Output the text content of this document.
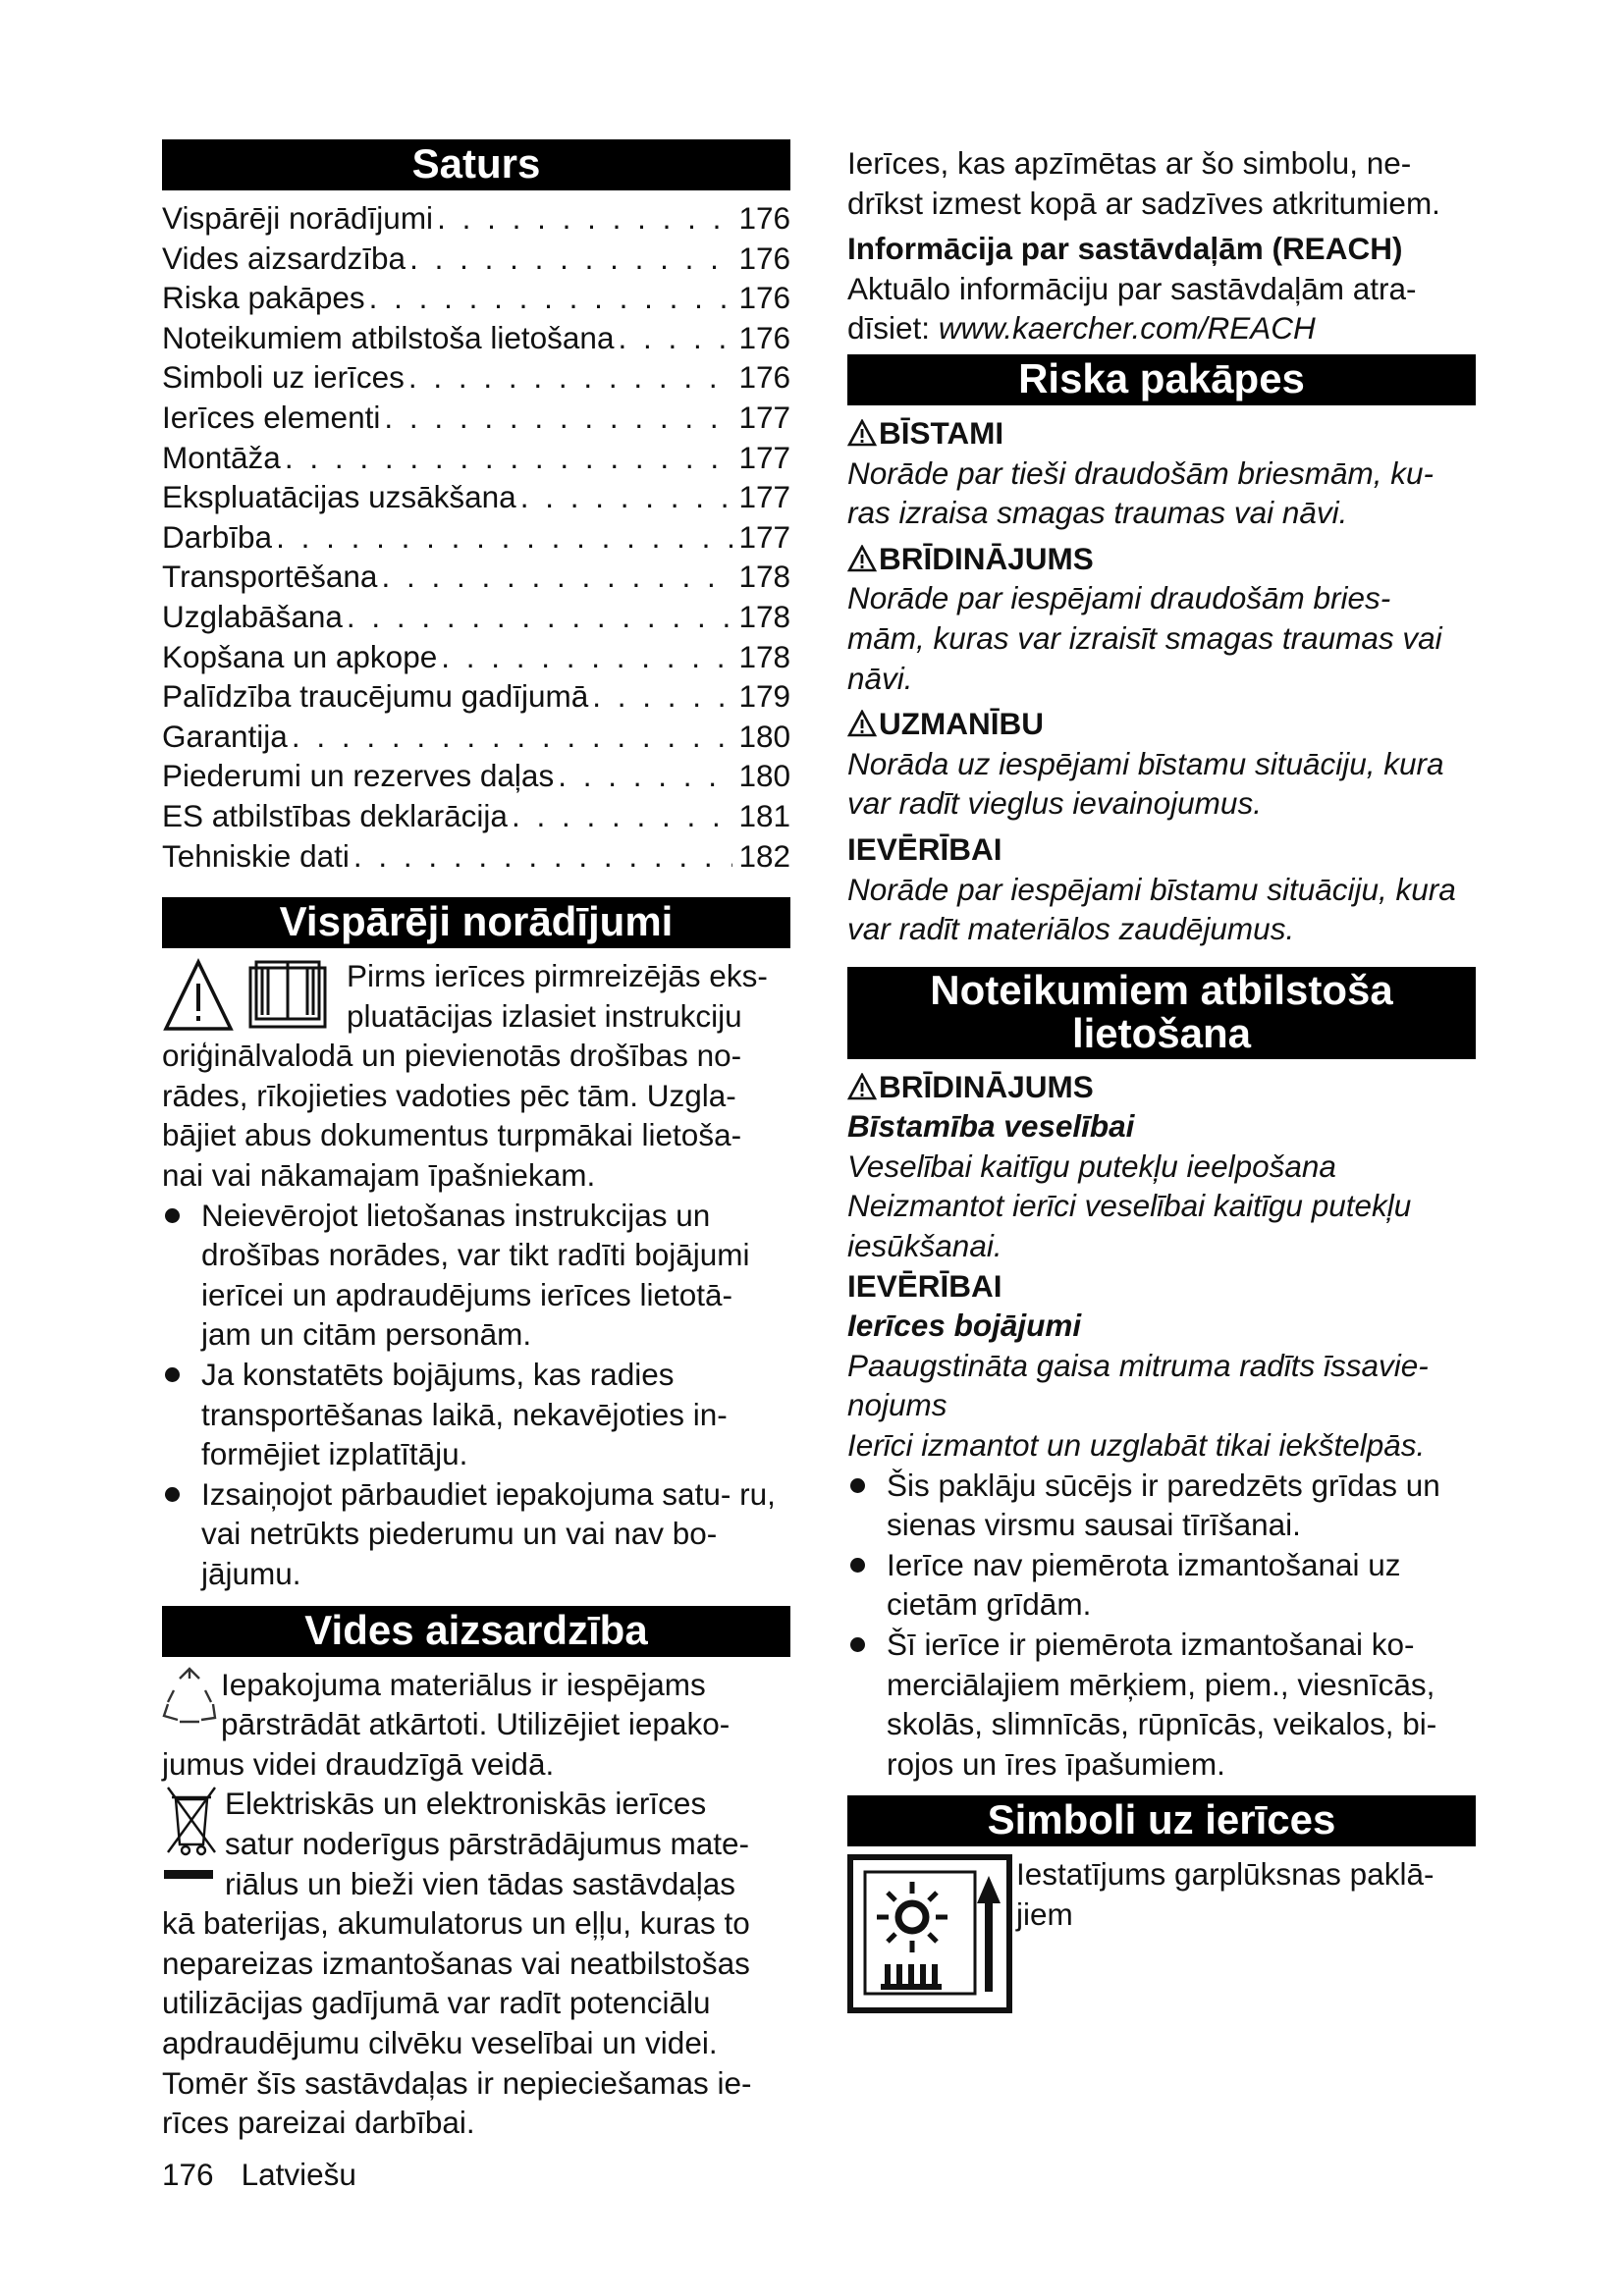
Saturs
Vispārēji norādījumi . . .	176
Vides aizsardzība . . .	176
Riska pakāpes . . .	176
Noteikumiem atbilstoša lietošana . . .	176
Simboli uz ierīces . . .	176
Ierīces elementi . . .	177
Montāža . . .	177
Ekspluatācijas uzsākšana . . .	177
Darbība . . .	177
Transportēšana . . .	178
Uzglabāšana . . .	178
Kopšana un apkope . . .	178
Palīdzība traucējumu gadījumā . . .	179
Garantija . . .	180
Piederumi un rezerves daļas . . .	180
ES atbilstības deklarācija . . .	181
Tehniskie dati . . .	182
Vispārēji norādījumi

Pirms ierīces pirmreizējās eks-

pluatācijas izlasiet instrukciju

oriģinālvalodā un pievienotās drošības no- rādes, rīkojieties vadoties pēc tām. Uzgla- bājiet abus dokumentus turpmākai lietoša- nai vai nākamajam īpašniekam.

Neievērojot lietošanas instrukcijas un drošības norādes, var tikt radīti bojājumi ierīcei un apdraudējums ierīces lietotā- jam un citām personām.
Ja konstatēts bojājums, kas radies transportēšanas laikā, nekavējoties in- formējiet izplatītāju.
Izsaiņojot pārbaudiet iepakojuma satu- ru, vai netrūkts piederumu un vai nav bo- jājumu.
Vides aizsardzība

Iepakojuma materiālus ir iespējams

pārstrādāt atkārtoti. Utilizējiet iepako-

jumus videi draudzīgā veidā.

Elektriskās un elektroniskās ierīces

satur noderīgus pārstrādājumus mate-

riālus un bieži vien tādas sastāvdaļas

kā baterijas, akumulatorus un eļļu, kuras to nepareizas izmantošanas vai neatbilstošas utilizācijas gadījumā var radīt potenciālu apdraudējumu cilvēku veselībai un videi. Tomēr šīs sastāvdaļas ir nepieciešamas ie- rīces pareizai darbībai.

Ierīces, kas apzīmētas ar šo simbolu, ne- drīkst izmest kopā ar sadzīves atkritumiem.

Informācija par sastāvdaļām (REACH)

Aktuālo informāciju par sastāvdaļām atra- dīsiet: www.kaercher.com/REACH

Riska pakāpes
BĪSTAMI

Norāde par tieši draudošām briesmām, ku- ras izraisa smagas traumas vai nāvi.

BRĪDINĀJUMS

Norāde par iespējami draudošām bries- mām, kuras var izraisīt smagas traumas vai nāvi.

UZMANĪBU

Norāda uz iespējami bīstamu situāciju, kura var radīt vieglus ievainojumus.

IEVĒRĪBAI

Norāde par iespējami bīstamu situāciju, kura var radīt materiālos zaudējumus.

Noteikumiem atbilstoša
lietošana
BRĪDINĀJUMS

Bīstamība veselībai

Veselībai kaitīgu putekļu ieelpošana

Neizmantot ierīci veselībai kaitīgu putekļu iesūkšanai.

IEVĒRĪBAI

Ierīces bojājumi

Paaugstināta gaisa mitruma radīts īssavie- nojums

Ierīci izmantot un uzglabāt tikai iekštelpās.

Šis paklāju sūcējs ir paredzēts grīdas un sienas virsmu sausai tīrīšanai.
Ierīce nav piemērota izmantošanai uz cietām grīdām.
Šī ierīce ir piemērota izmantošanai ko- merciālajiem mērķiem, piem., viesnīcās, skolās, slimnīcās, rūpnīcās, veikalos, bi- rojos un īres īpašumiem.
Simboli uz ierīces

Iestatījums garplūksnas paklā-

jiem

176 Latviešu
